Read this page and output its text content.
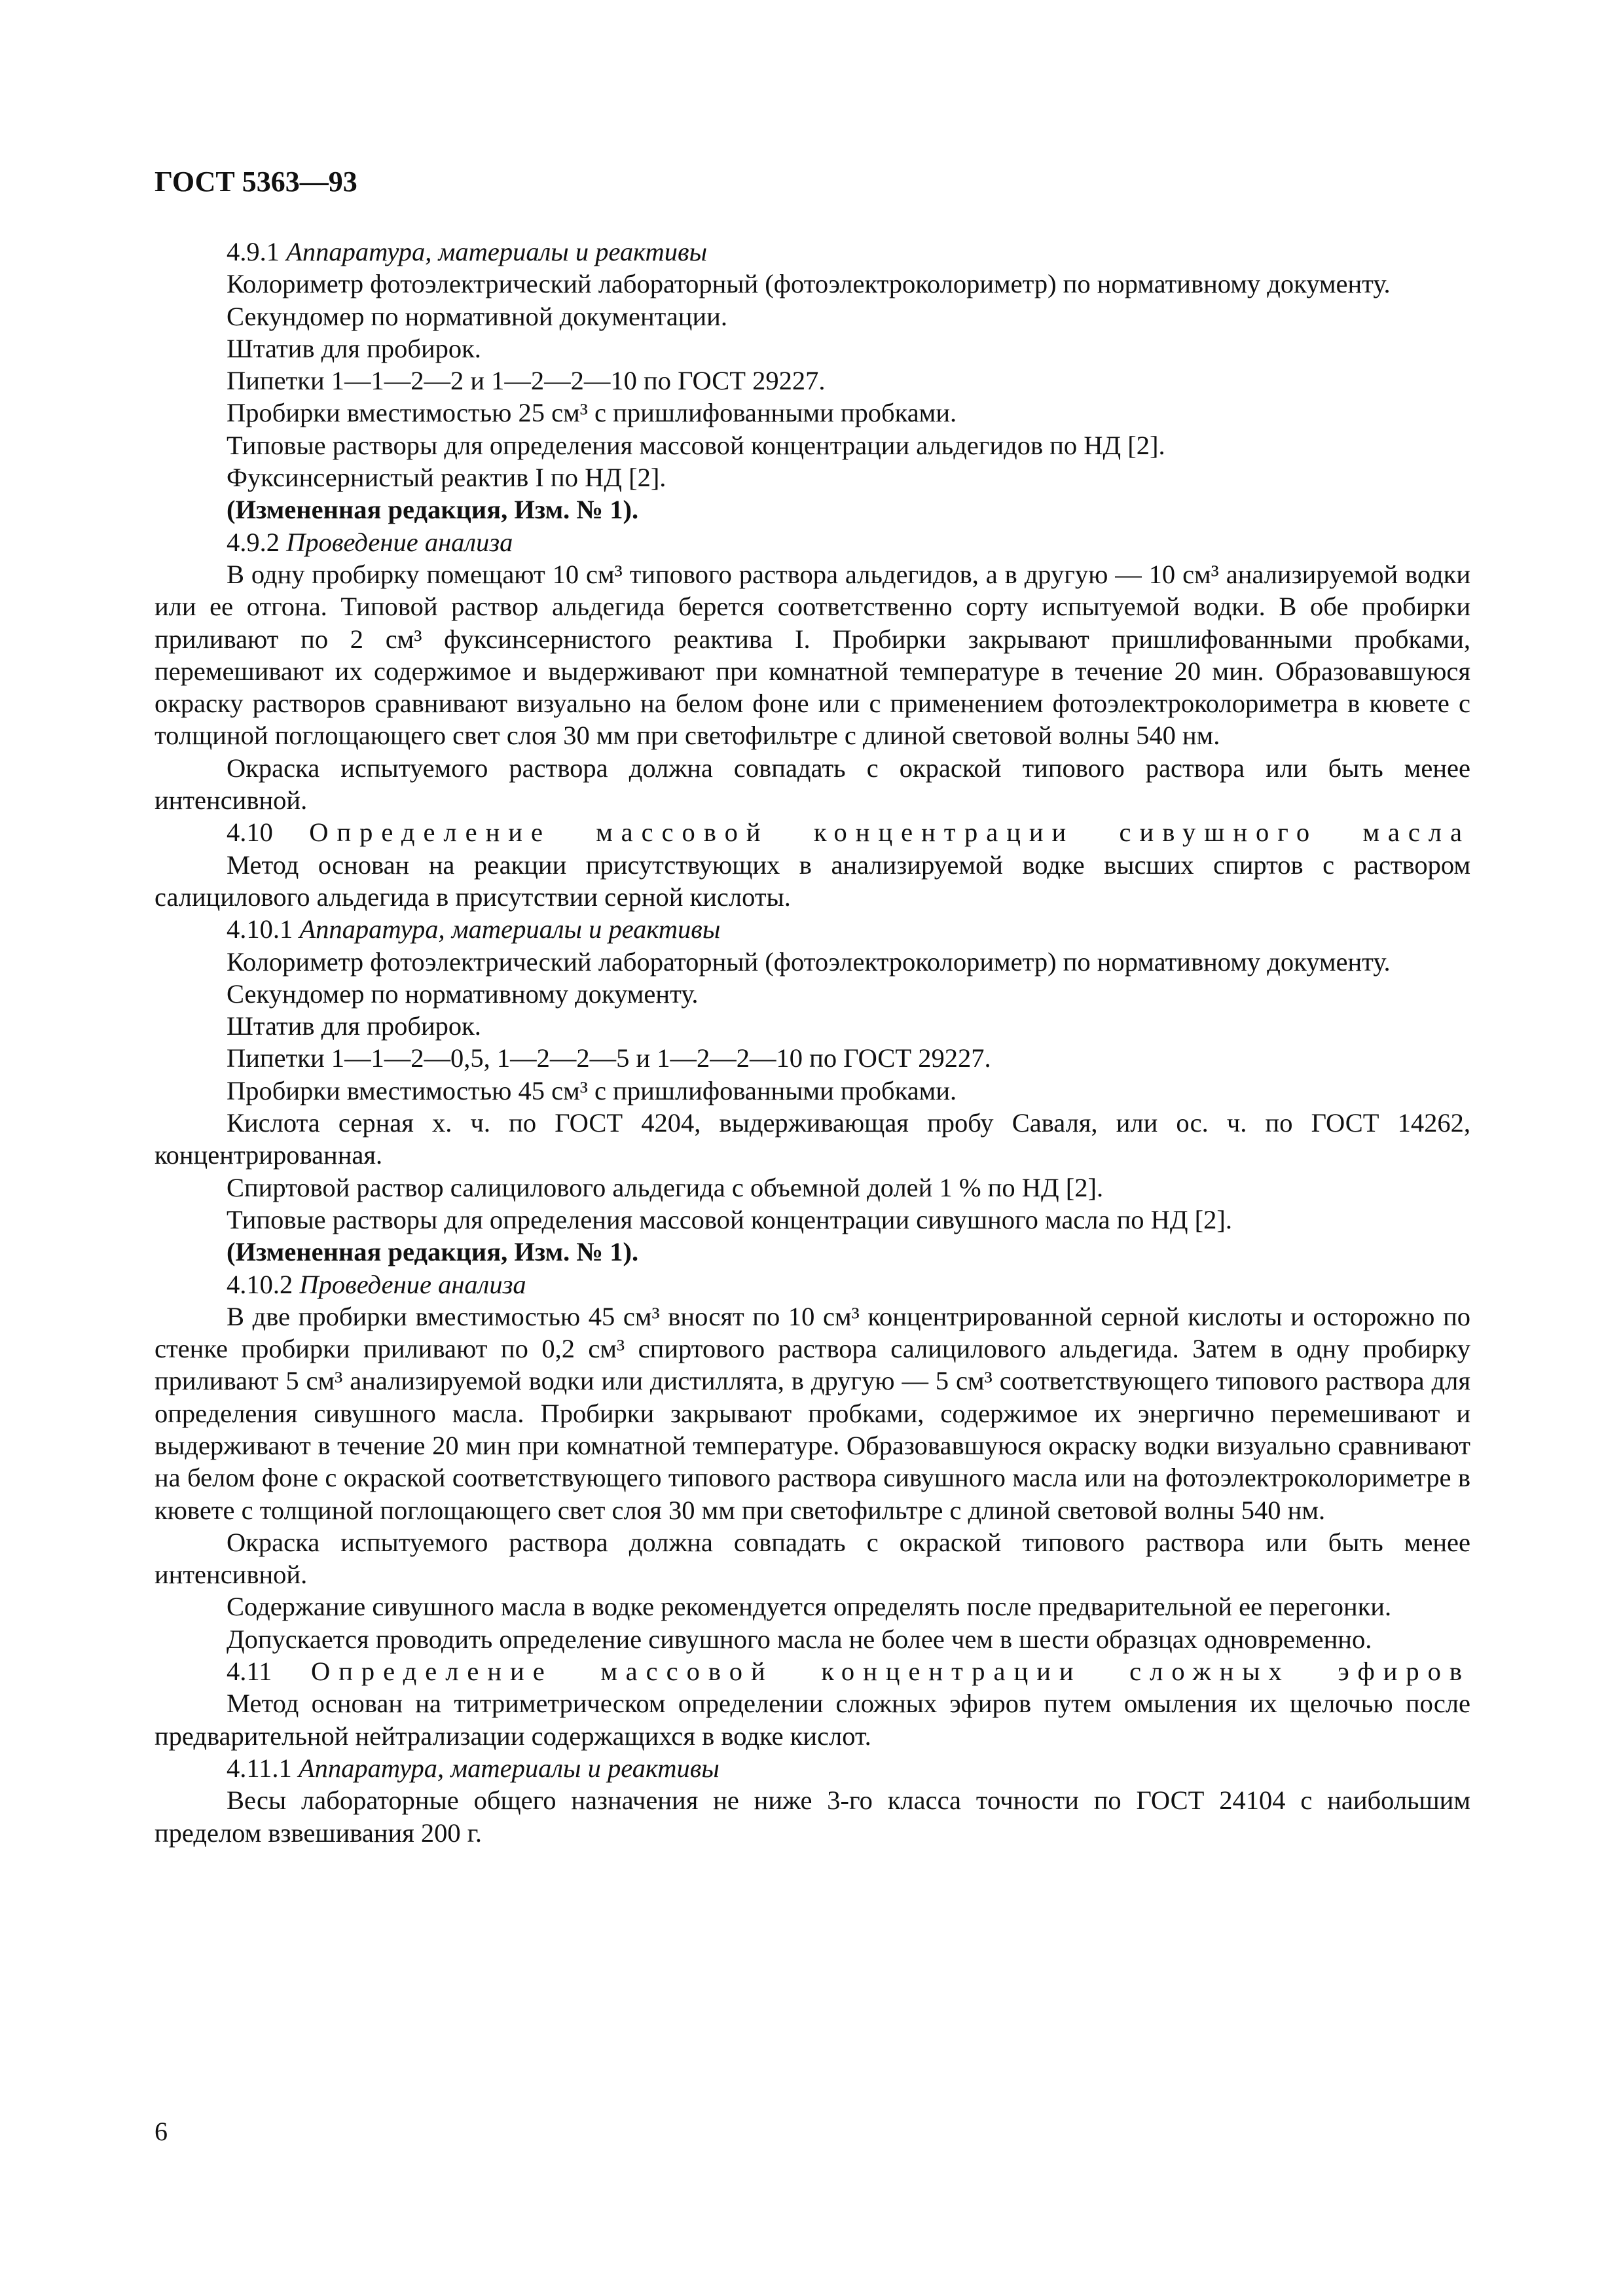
ГОСТ 5363—93

4.9.1 Аппаратура, материалы и реактивы

Колориметр фотоэлектрический лабораторный (фотоэлектроколориметр) по нормативному документу.

Секундомер по нормативной документации.

Штатив для пробирок.

Пипетки 1—1—2—2 и 1—2—2—10 по ГОСТ 29227.

Пробирки вместимостью 25 см³ с пришлифованными пробками.

Типовые растворы для определения массовой концентрации альдегидов по НД [2].

Фуксинсернистый реактив I по НД [2].

(Измененная редакция, Изм. № 1).

4.9.2 Проведение анализа

В одну пробирку помещают 10 см³ типового раствора альдегидов, а в другую — 10 см³ анализируемой водки или ее отгона. Типовой раствор альдегида берется соответственно сорту испытуемой водки. В обе пробирки приливают по 2 см³ фуксинсернистого реактива I. Пробирки закрывают пришлифованными пробками, перемешивают их содержимое и выдерживают при комнатной температуре в течение 20 мин. Образовавшуюся окраску растворов сравнивают визуально на белом фоне или с применением фотоэлектроколориметра в кювете с толщиной поглощающего свет слоя 30 мм при светофильтре с длиной световой волны 540 нм.

Окраска испытуемого раствора должна совпадать с окраской типового раствора или быть менее интенсивной.

4.10 Определение массовой концентрации сивушного масла

Метод основан на реакции присутствующих в анализируемой водке высших спиртов с раствором салицилового альдегида в присутствии серной кислоты.

4.10.1 Аппаратура, материалы и реактивы

Колориметр фотоэлектрический лабораторный (фотоэлектроколориметр) по нормативному документу.

Секундомер по нормативному документу.

Штатив для пробирок.

Пипетки 1—1—2—0,5, 1—2—2—5 и 1—2—2—10 по ГОСТ 29227.

Пробирки вместимостью 45 см³ с пришлифованными пробками.

Кислота серная х. ч. по ГОСТ 4204, выдерживающая пробу Саваля, или ос. ч. по ГОСТ 14262, концентрированная.

Спиртовой раствор салицилового альдегида с объемной долей 1 % по НД [2].

Типовые растворы для определения массовой концентрации сивушного масла по НД [2].

(Измененная редакция, Изм. № 1).

4.10.2 Проведение анализа

В две пробирки вместимостью 45 см³ вносят по 10 см³ концентрированной серной кислоты и осторожно по стенке пробирки приливают по 0,2 см³ спиртового раствора салицилового альдегида. Затем в одну пробирку приливают 5 см³ анализируемой водки или дистиллята, в другую — 5 см³ соответствующего типового раствора для определения сивушного масла. Пробирки закрывают пробками, содержимое их энергично перемешивают и выдерживают в течение 20 мин при комнатной температуре. Образовавшуюся окраску водки визуально сравнивают на белом фоне с окраской соответствующего типового раствора сивушного масла или на фотоэлектроколориметре в кювете с толщиной поглощающего свет слоя 30 мм при светофильтре с длиной световой волны 540 нм.

Окраска испытуемого раствора должна совпадать с окраской типового раствора или быть менее интенсивной.

Содержание сивушного масла в водке рекомендуется определять после предварительной ее перегонки.

Допускается проводить определение сивушного масла не более чем в шести образцах одновременно.

4.11 Определение массовой концентрации сложных эфиров

Метод основан на титриметрическом определении сложных эфиров путем омыления их щелочью после предварительной нейтрализации содержащихся в водке кислот.

4.11.1 Аппаратура, материалы и реактивы

Весы лабораторные общего назначения не ниже 3-го класса точности по ГОСТ 24104 с наибольшим пределом взвешивания 200 г.

6
